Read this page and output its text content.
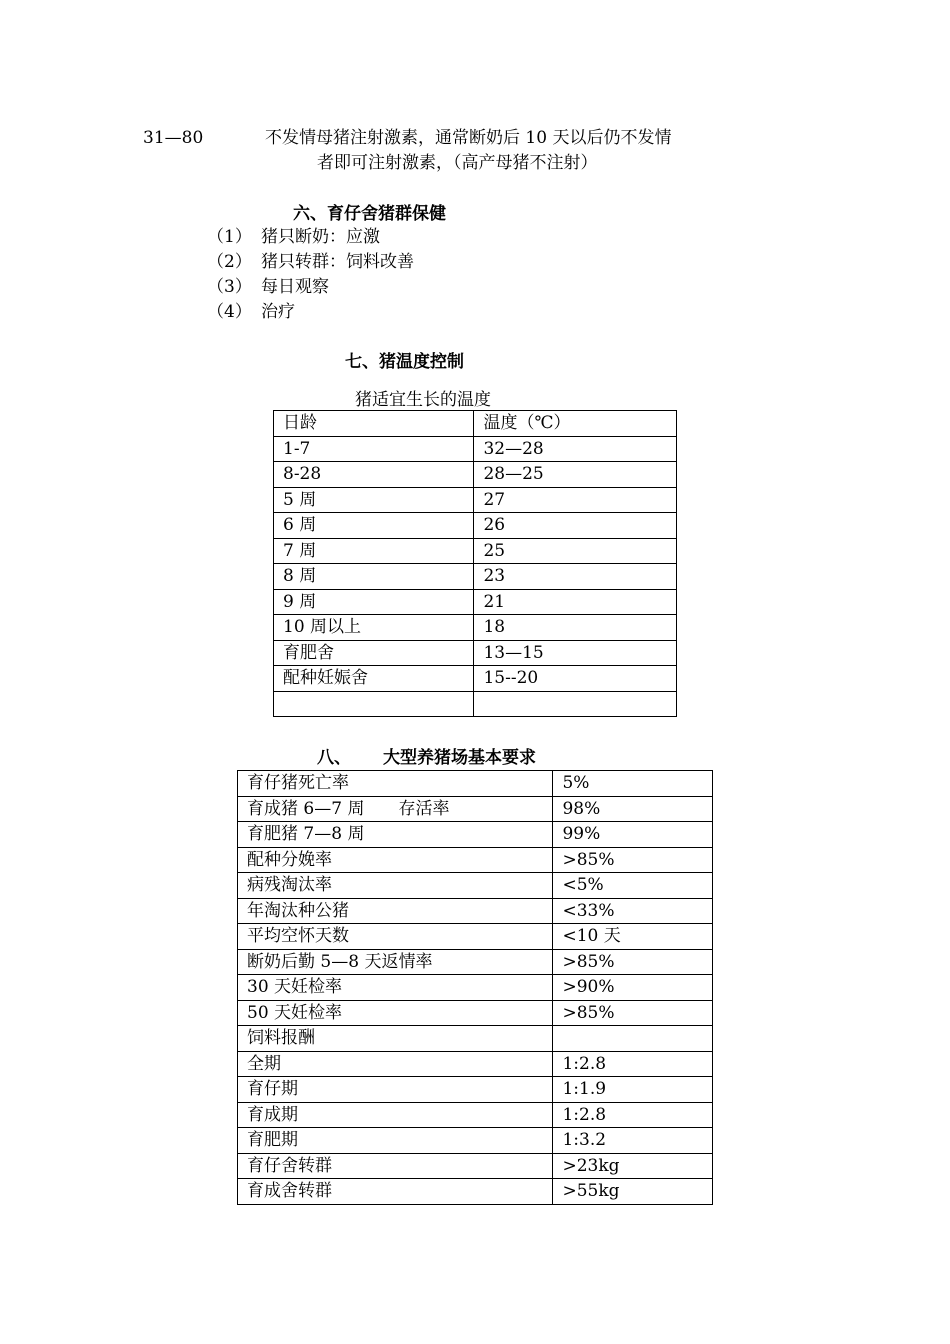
31—80	不发情母猪注射激素，通常断奶后 10 天以后仍不发情
者即可注射激素，（高产母猪不注射）
六、育仔舍猪群保健
（1） 猪只断奶：应激
（2） 猪只转群：饲料改善
（3） 每日观察
（4） 治疗
七、猪温度控制
猪适宜生长的温度
日龄	温度（℃）
1-7	32—28
8-28	28—25
5 周	27
6 周	26
7 周	25
8 周	23
9 周	21
10 周以上	18
育肥舍	13—15
配种妊娠舍	15--20

八、 大型养猪场基本要求
育仔猪死亡率	5%
育成猪 6—7 周　　存活率	98%
育肥猪 7—8 周	99%
配种分娩率	>85%
病残淘汰率	<5%
年淘汰种公猪	<33%
平均空怀天数	<10 天
断奶后勤 5—8 天返情率	>85%
30 天妊检率	>90%
50 天妊检率	>85%
饲料报酬	
全期	1:2.8
育仔期	1:1.9
育成期	1:2.8
育肥期	1:3.2
育仔舍转群	>23kg
育成舍转群	>55kg
